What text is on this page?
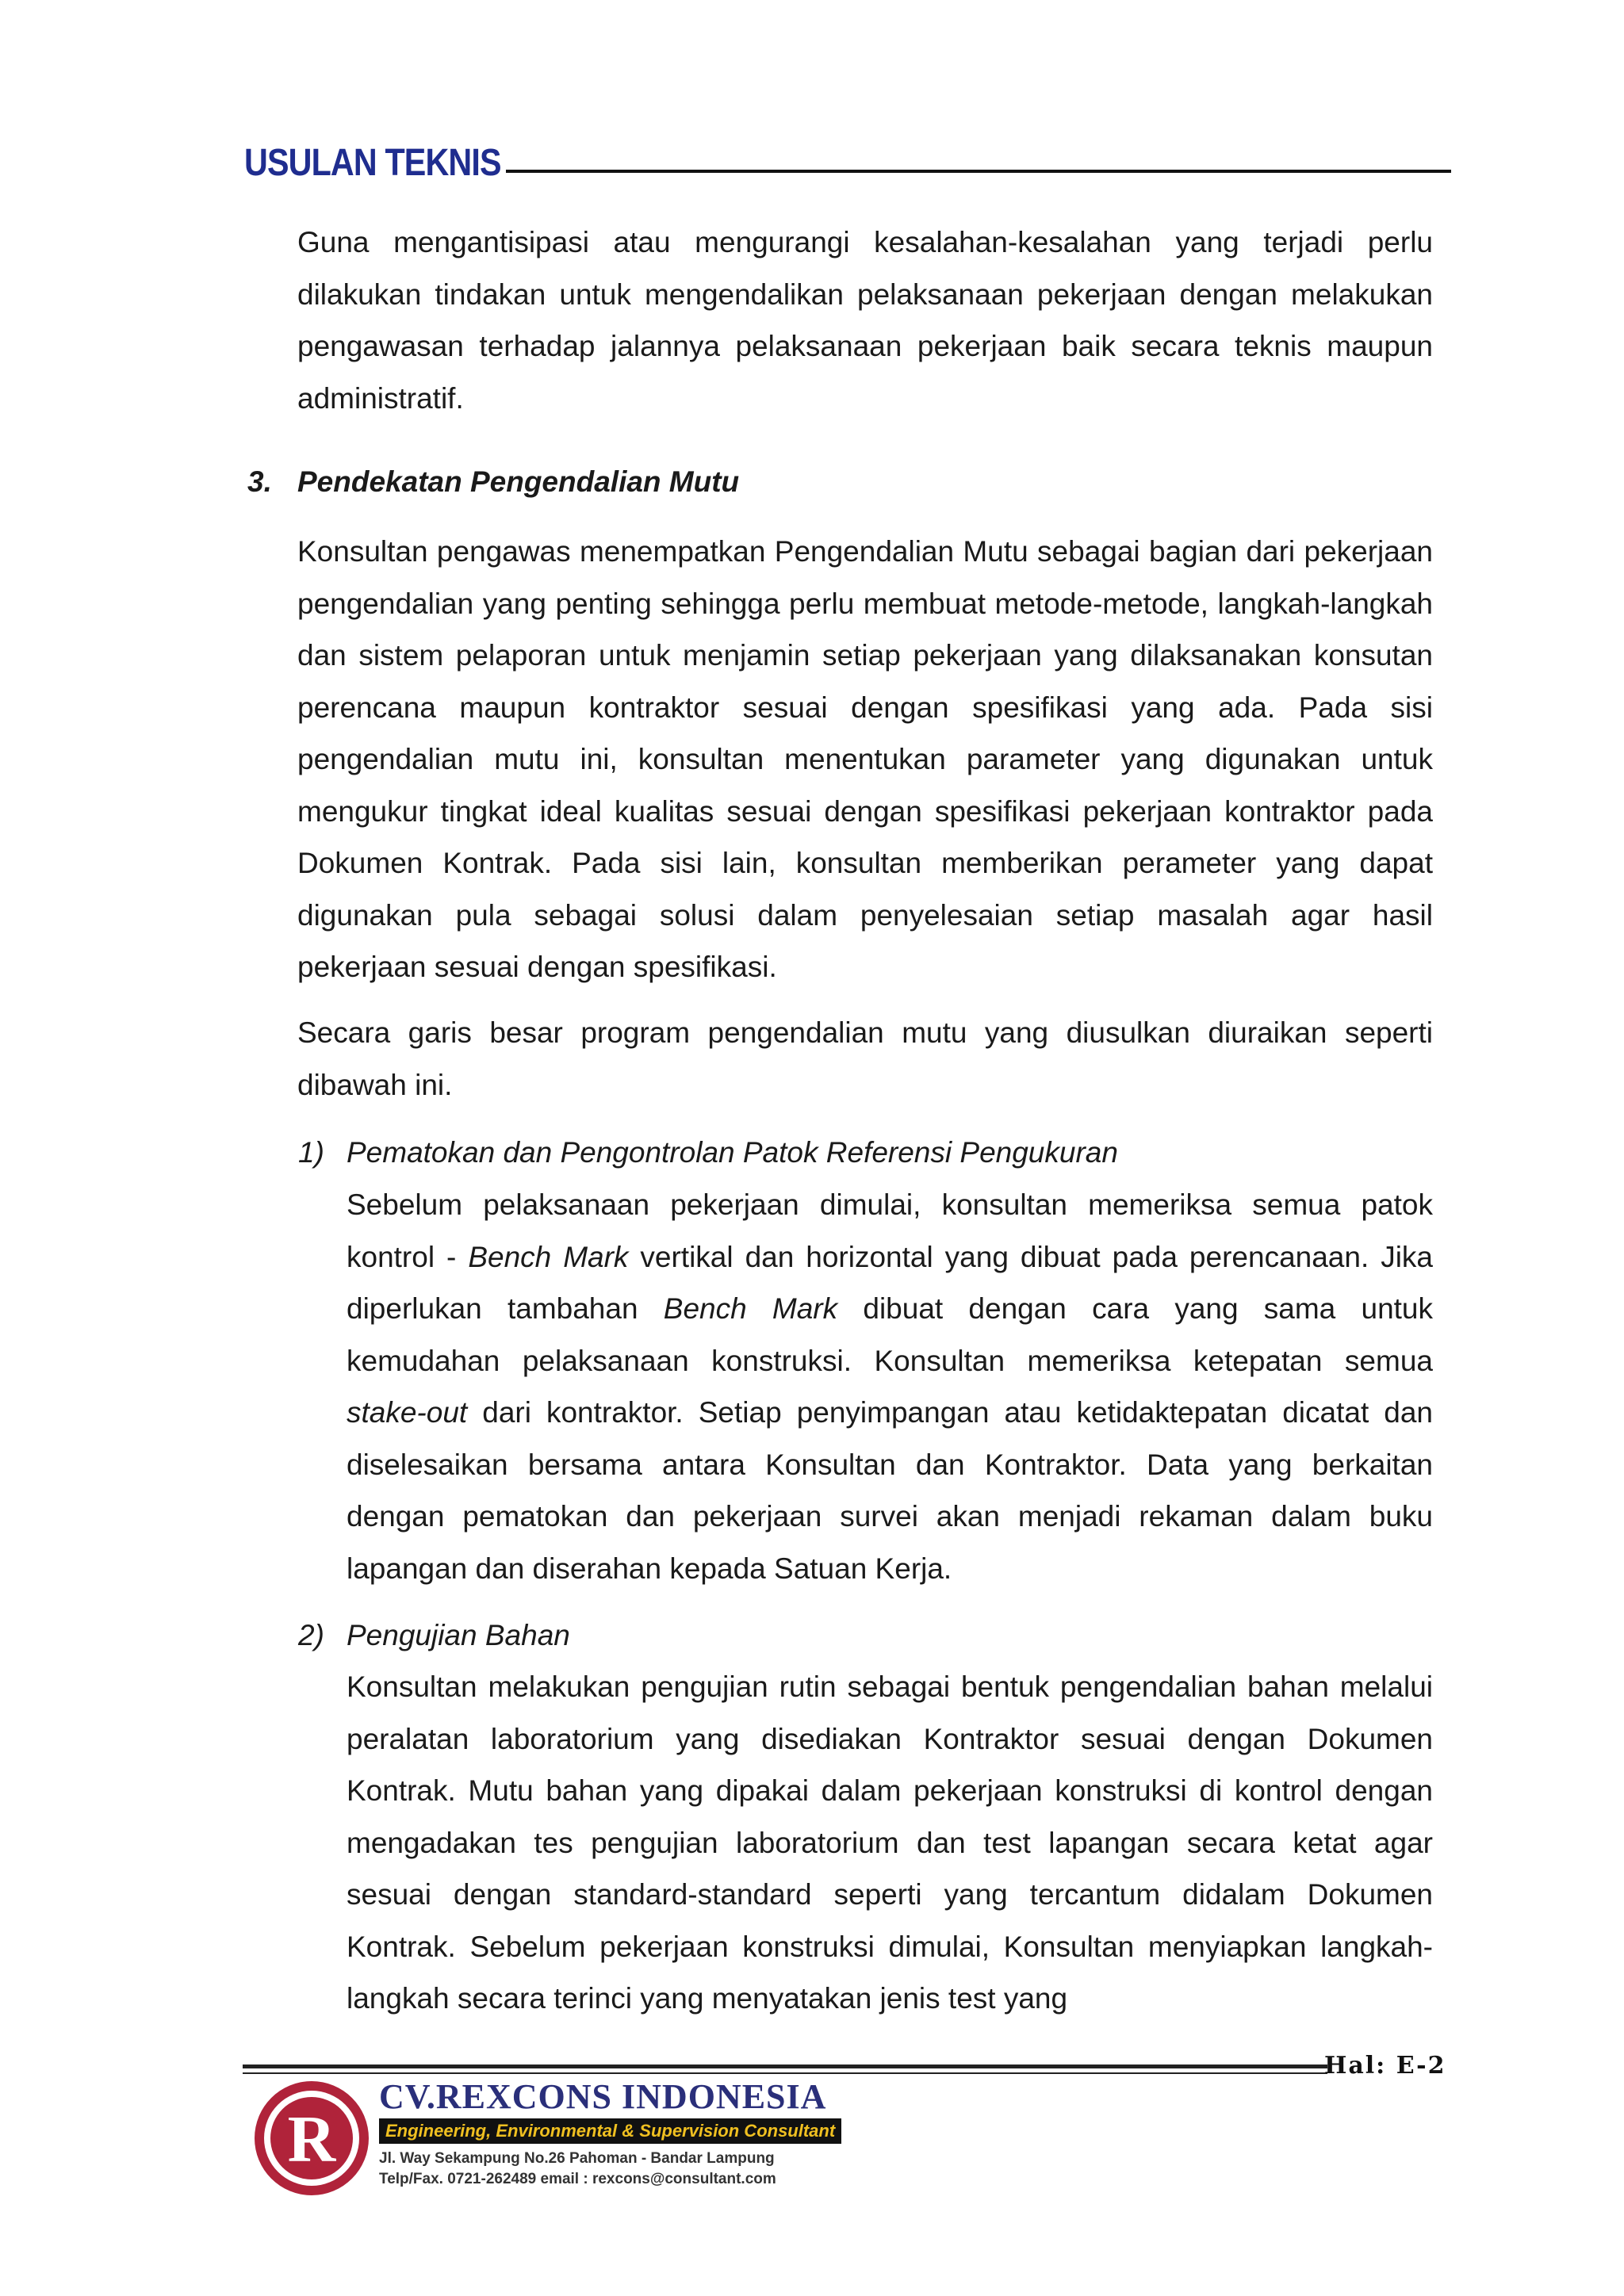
USULAN TEKNIS

Guna mengantisipasi atau mengurangi kesalahan-kesalahan yang terjadi perlu dilakukan tindakan untuk mengendalikan pelaksanaan pekerjaan dengan melakukan pengawasan terhadap jalannya pelaksanaan pekerjaan baik secara teknis maupun administratif.

3. Pendekatan Pengendalian Mutu

Konsultan pengawas menempatkan Pengendalian Mutu sebagai bagian dari pekerjaan pengendalian yang penting sehingga perlu membuat metode-metode, langkah-langkah dan sistem pelaporan untuk menjamin setiap pekerjaan yang dilaksanakan konsutan perencana maupun kontraktor sesuai dengan spesifikasi yang ada. Pada sisi pengendalian mutu ini, konsultan menentukan parameter yang digunakan untuk mengukur tingkat ideal kualitas sesuai dengan spesifikasi pekerjaan kontraktor pada Dokumen Kontrak. Pada sisi lain, konsultan memberikan perameter yang dapat digunakan pula sebagai solusi dalam penyelesaian setiap masalah agar hasil pekerjaan sesuai dengan spesifikasi.

Secara garis besar program pengendalian mutu yang diusulkan diuraikan seperti dibawah ini.

1) Pematokan dan Pengontrolan Patok Referensi Pengukuran

Sebelum pelaksanaan pekerjaan dimulai, konsultan memeriksa semua patok kontrol - Bench Mark vertikal dan horizontal yang dibuat pada perencanaan. Jika diperlukan tambahan Bench Mark dibuat dengan cara yang sama untuk kemudahan pelaksanaan konstruksi. Konsultan memeriksa ketepatan semua stake-out dari kontraktor. Setiap penyimpangan atau ketidaktepatan dicatat dan diselesaikan bersama antara Konsultan dan Kontraktor. Data yang berkaitan dengan pematokan dan pekerjaan survei akan menjadi rekaman dalam buku lapangan dan diserahan kepada Satuan Kerja.

2) Pengujian Bahan

Konsultan melakukan pengujian rutin sebagai bentuk pengendalian bahan melalui peralatan laboratorium yang disediakan Kontraktor sesuai dengan Dokumen Kontrak. Mutu bahan yang dipakai dalam pekerjaan konstruksi di kontrol dengan mengadakan tes pengujian laboratorium dan test lapangan secara ketat agar sesuai dengan standard-standard seperti yang tercantum didalam Dokumen Kontrak. Sebelum pekerjaan konstruksi dimulai, Konsultan menyiapkan langkah-langkah secara terinci yang menyatakan jenis test yang

Hal: E-2
R
CV.REXCONS INDONESIA
Engineering, Environmental & Supervision Consultant
Jl. Way Sekampung No.26 Pahoman - Bandar Lampung
Telp/Fax. 0721-262489 email : rexcons@consultant.com
